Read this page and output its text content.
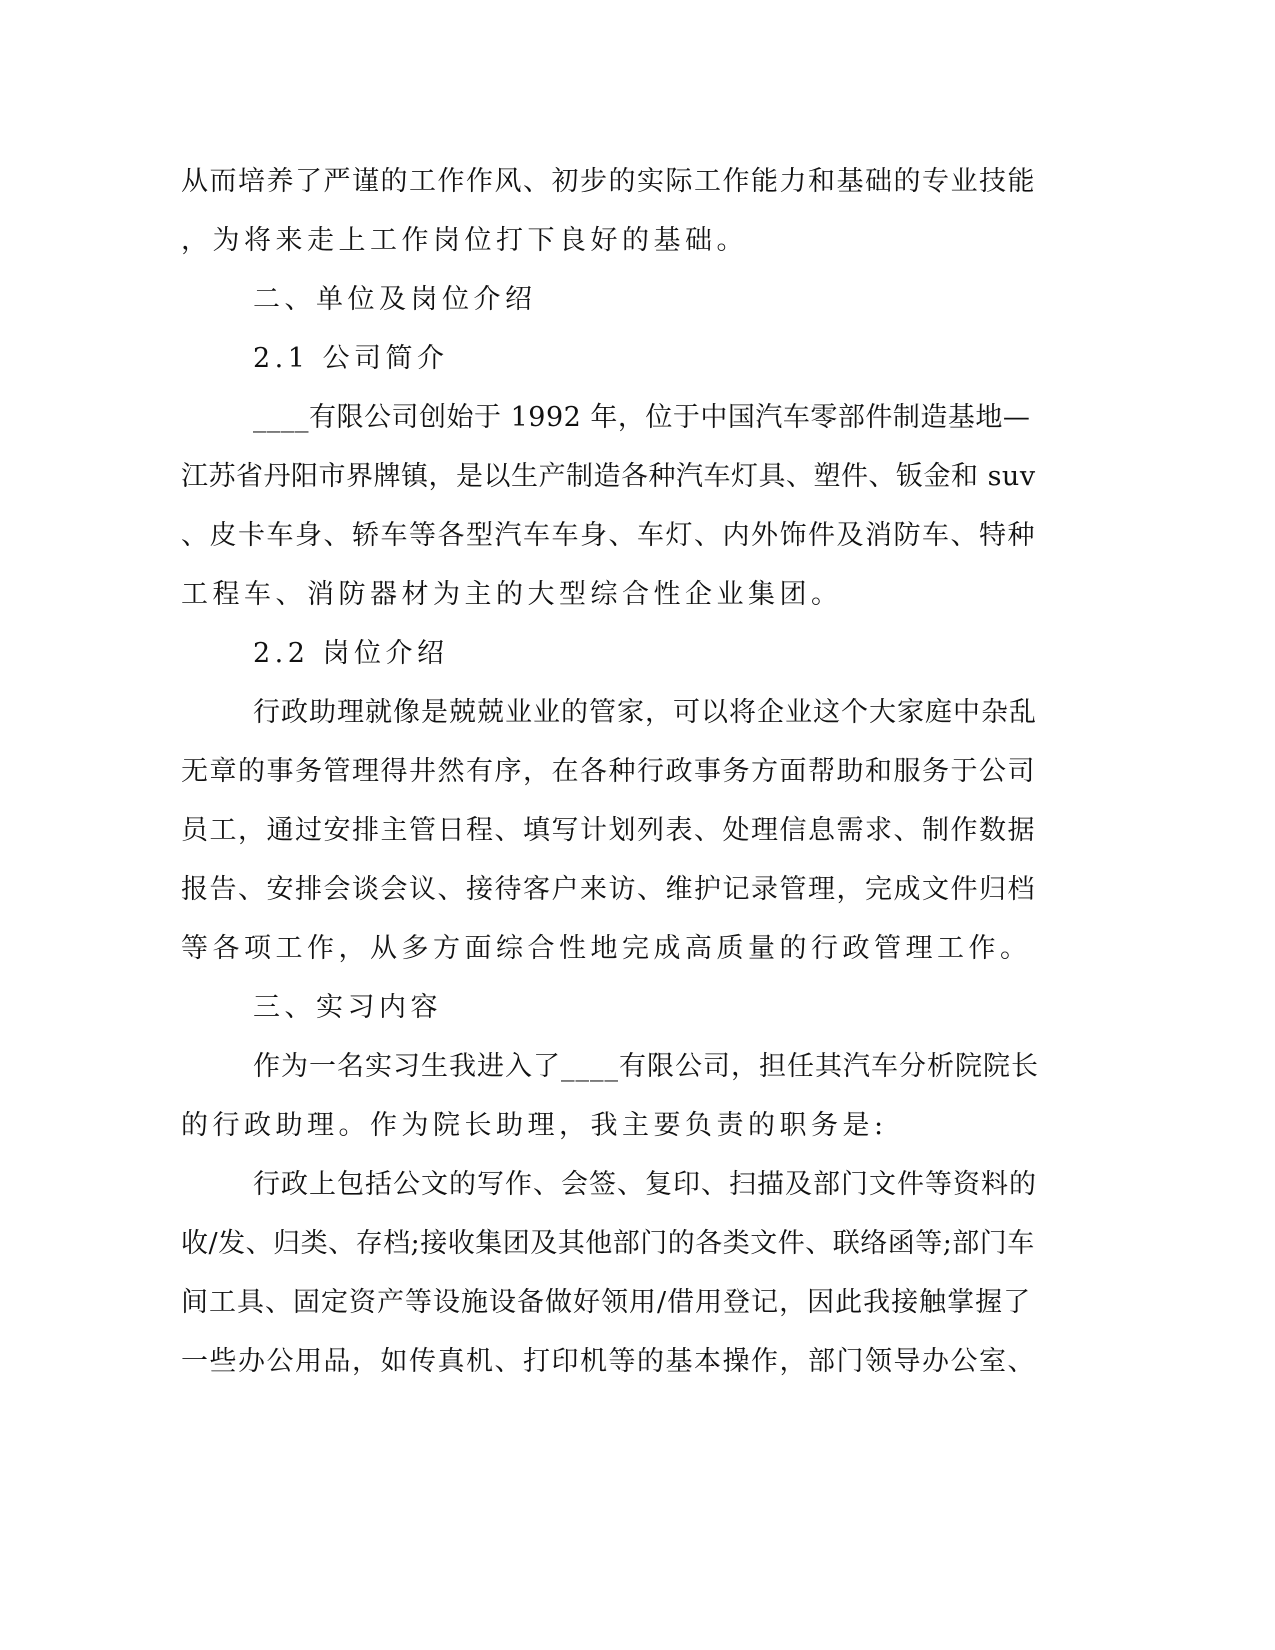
从而培养了严谨的工作作风、初步的实际工作能力和基础的专业技能
，为将来走上工作岗位打下良好的基础。
二、单位及岗位介绍
2.1 公司简介
____有限公司创始于 1992 年，位于中国汽车零部件制造基地—
江苏省丹阳市界牌镇，是以生产制造各种汽车灯具、塑件、钣金和 suv
、皮卡车身、轿车等各型汽车车身、车灯、内外饰件及消防车、特种
工程车、消防器材为主的大型综合性企业集团。
2.2 岗位介绍
行政助理就像是兢兢业业的管家，可以将企业这个大家庭中杂乱
无章的事务管理得井然有序，在各种行政事务方面帮助和服务于公司
员工，通过安排主管日程、填写计划列表、处理信息需求、制作数据
报告、安排会谈会议、接待客户来访、维护记录管理，完成文件归档
等各项工作，从多方面综合性地完成高质量的行政管理工作。
三、实习内容
作为一名实习生我进入了____有限公司，担任其汽车分析院院长
的行政助理。作为院长助理，我主要负责的职务是:
行政上包括公文的写作、会签、复印、扫描及部门文件等资料的
收/发、归类、存档;接收集团及其他部门的各类文件、联络函等;部门车
间工具、固定资产等设施设备做好领用/借用登记，因此我接触掌握了
一些办公用品，如传真机、打印机等的基本操作，部门领导办公室、
